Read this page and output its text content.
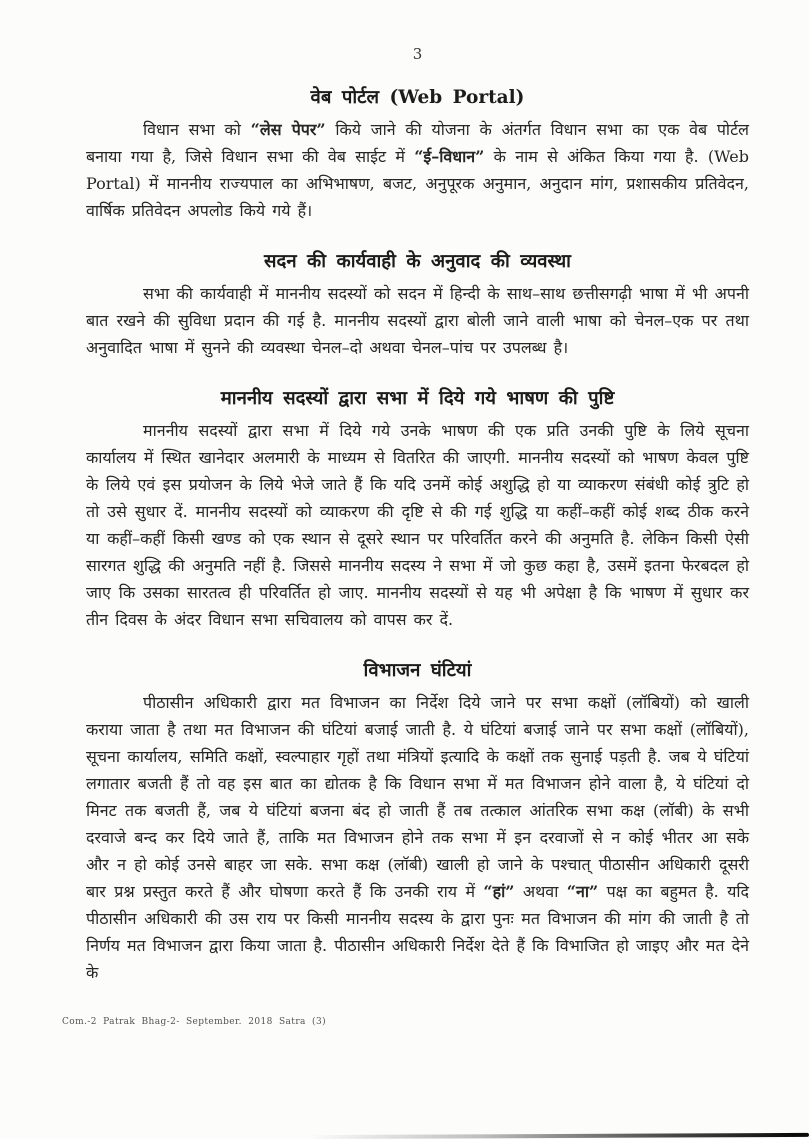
3
वेब पोर्टल (Web Portal)

विधान सभा को “लेस पेपर” किये जाने की योजना के अंतर्गत विधान सभा का एक वेब पोर्टल बनाया गया है, जिसे विधान सभा की वेब साईट में “ई–विधान” के नाम से अंकित किया गया है. (Web Portal) में माननीय राज्यपाल का अभिभाषण, बजट, अनुपूरक अनुमान, अनुदान मांग, प्रशासकीय प्रतिवेदन, वार्षिक प्रतिवेदन अपलोड किये गये हैं।

सदन की कार्यवाही के अनुवाद की व्यवस्था

सभा की कार्यवाही में माननीय सदस्यों को सदन में हिन्दी के साथ–साथ छत्तीसगढ़ी भाषा में भी अपनी बात रखने की सुविधा प्रदान की गई है. माननीय सदस्यों द्वारा बोली जाने वाली भाषा को चेनल–एक पर तथा अनुवादित भाषा में सुनने की व्यवस्था चेनल–दो अथवा चेनल–पांच पर उपलब्ध है।

माननीय सदस्यों द्वारा सभा में दिये गये भाषण की पुष्टि

माननीय सदस्यों द्वारा सभा में दिये गये उनके भाषण की एक प्रति उनकी पुष्टि के लिये सूचना कार्यालय में स्थित खानेदार अलमारी के माध्यम से वितरित की जाएगी. माननीय सदस्यों को भाषण केवल पुष्टि के लिये एवं इस प्रयोजन के लिये भेजे जाते हैं कि यदि उनमें कोई अशुद्धि हो या व्याकरण संबंधी कोई त्रुटि हो तो उसे सुधार दें. माननीय सदस्यों को व्याकरण की दृष्टि से की गई शुद्धि या कहीं–कहीं कोई शब्द ठीक करने या कहीं–कहीं किसी खण्ड को एक स्थान से दूसरे स्थान पर परिवर्तित करने की अनुमति है. लेकिन किसी ऐसी सारगत शुद्धि की अनुमति नहीं है. जिससे माननीय सदस्य ने सभा में जो कुछ कहा है, उसमें इतना फेरबदल हो जाए कि उसका सारतत्व ही परिवर्तित हो जाए. माननीय सदस्यों से यह भी अपेक्षा है कि भाषण में सुधार कर तीन दिवस के अंदर विधान सभा सचिवालय को वापस कर दें.

विभाजन घंटियां

पीठासीन अधिकारी द्वारा मत विभाजन का निर्देश दिये जाने पर सभा कक्षों (लॉबियों) को खाली कराया जाता है तथा मत विभाजन की घंटियां बजाई जाती है. ये घंटियां बजाई जाने पर सभा कक्षों (लॉबियों), सूचना कार्यालय, समिति कक्षों, स्वल्पाहार गृहों तथा मंत्रियों इत्यादि के कक्षों तक सुनाई पड़ती है. जब ये घंटियां लगातार बजती हैं तो वह इस बात का द्योतक है कि विधान सभा में मत विभाजन होने वाला है, ये घंटियां दो मिनट तक बजती हैं, जब ये घंटियां बजना बंद हो जाती हैं तब तत्काल आंतरिक सभा कक्ष (लॉबी) के सभी दरवाजे बन्द कर दिये जाते हैं, ताकि मत विभाजन होने तक सभा में इन दरवाजों से न कोई भीतर आ सके और न हो कोई उनसे बाहर जा सके. सभा कक्ष (लॉबी) खाली हो जाने के पश्चात् पीठासीन अधिकारी दूसरी बार प्रश्न प्रस्तुत करते हैं और घोषणा करते हैं कि उनकी राय में “हां” अथवा “ना” पक्ष का बहुमत है. यदि पीठासीन अधिकारी की उस राय पर किसी माननीय सदस्य के द्वारा पुनः मत विभाजन की मांग की जाती है तो निर्णय मत विभाजन द्वारा किया जाता है. पीठासीन अधिकारी निर्देश देते हैं कि विभाजित हो जाइए और मत देने के

Com.-2 Patrak Bhag-2- September. 2018 Satra (3)
